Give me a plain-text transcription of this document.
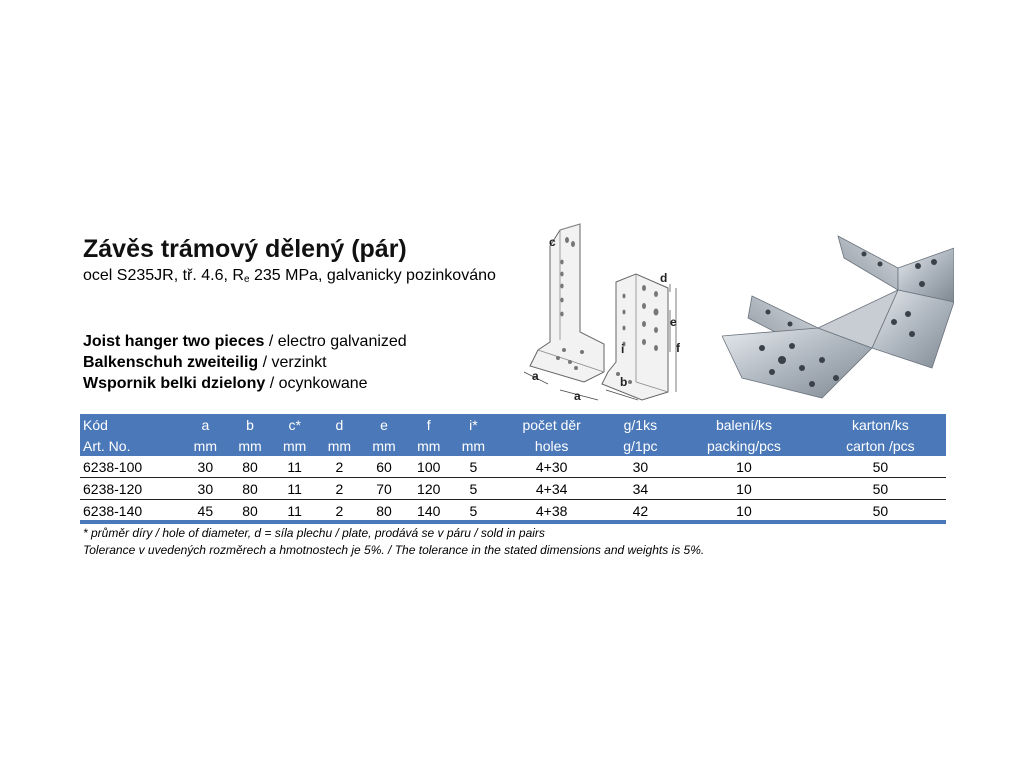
Závěs trámový dělený (pár)
ocel S235JR, tř. 4.6, $R_e$ 235 MPa, galvanicky pozinkováno
Joist hanger two pieces / electro galvanized
Balkenschuh zweiteilig / verzinkt
Wspornik belki dzielony / ocynkowane
c
d
e
f
i
a
a
b
Kód	a	b	c*	d	e	f	i*	počet děr	g/1ks	balení/ks	karton/ks
Art. No.	mm	mm	mm	mm	mm	mm	mm	holes	g/1pc	packing/pcs	carton /pcs
6238-100	30	80	11	2	60	100	5	4+30	30	10	50
6238-120	30	80	11	2	70	120	5	4+34	34	10	50
6238-140	45	80	11	2	80	140	5	4+38	42	10	50
* průměr díry / hole of diameter, d = síla plechu / plate, prodává se v páru / sold in pairs
Tolerance v uvedených rozměrech a hmotnostech je 5%. / The tolerance in the stated dimensions and weights is 5%.
